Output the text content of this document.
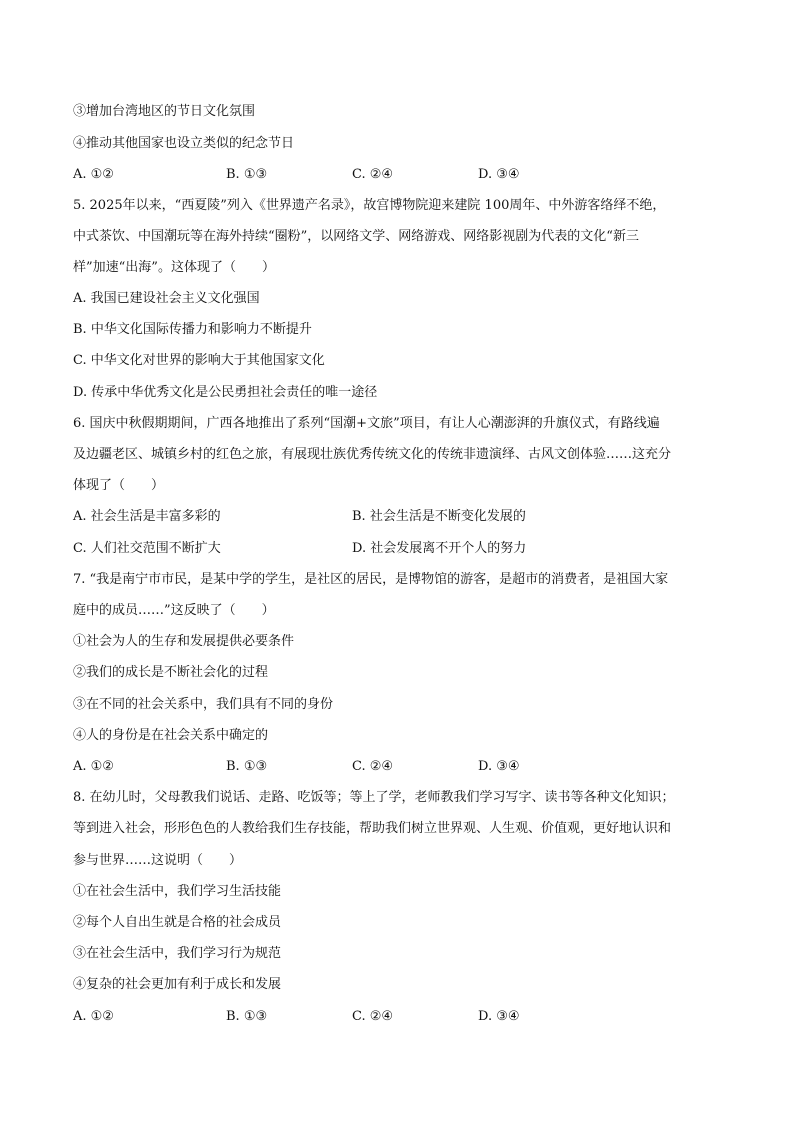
③增加台湾地区的节日文化氛围
④推动其他国家也设立类似的纪念节日
A. ①②	B. ①③	C. ②④	D. ③④
5. 2025年以来，“西夏陵”列入《世界遗产名录》，故宫博物院迎来建院 100周年、中外游客络绎不绝，
中式茶饮、中国潮玩等在海外持续“圈粉”，以网络文学、网络游戏、网络影视剧为代表的文化“新三
样”加速“出海”。这体现了（　　）
A. 我国已建设社会主义文化强国
B. 中华文化国际传播力和影响力不断提升
C. 中华文化对世界的影响大于其他国家文化
D. 传承中华优秀文化是公民勇担社会责任的唯一途径
6. 国庆中秋假期期间，广西各地推出了系列“国潮+文旅”项目，有让人心潮澎湃的升旗仪式，有路线遍
及边疆老区、城镇乡村的红色之旅，有展现壮族优秀传统文化的传统非遗演绎、古风文创体验……这充分
体现了（　　）
A. 社会生活是丰富多彩的	B. 社会生活是不断变化发展的
C. 人们社交范围不断扩大	D. 社会发展离不开个人的努力
7. “我是南宁市市民，是某中学的学生，是社区的居民，是博物馆的游客，是超市的消费者，是祖国大家
庭中的成员……”这反映了（　　）
①社会为人的生存和发展提供必要条件
②我们的成长是不断社会化的过程
③在不同的社会关系中，我们具有不同的身份
④人的身份是在社会关系中确定的
A. ①②	B. ①③	C. ②④	D. ③④
8. 在幼儿时，父母教我们说话、走路、吃饭等；等上了学，老师教我们学习写字、读书等各种文化知识；
等到进入社会，形形色色的人教给我们生存技能，帮助我们树立世界观、人生观、价值观，更好地认识和
参与世界……这说明（　　）
①在社会生活中，我们学习生活技能
②每个人自出生就是合格的社会成员
③在社会生活中，我们学习行为规范
④复杂的社会更加有利于成长和发展
A. ①②	B. ①③	C. ②④	D. ③④
